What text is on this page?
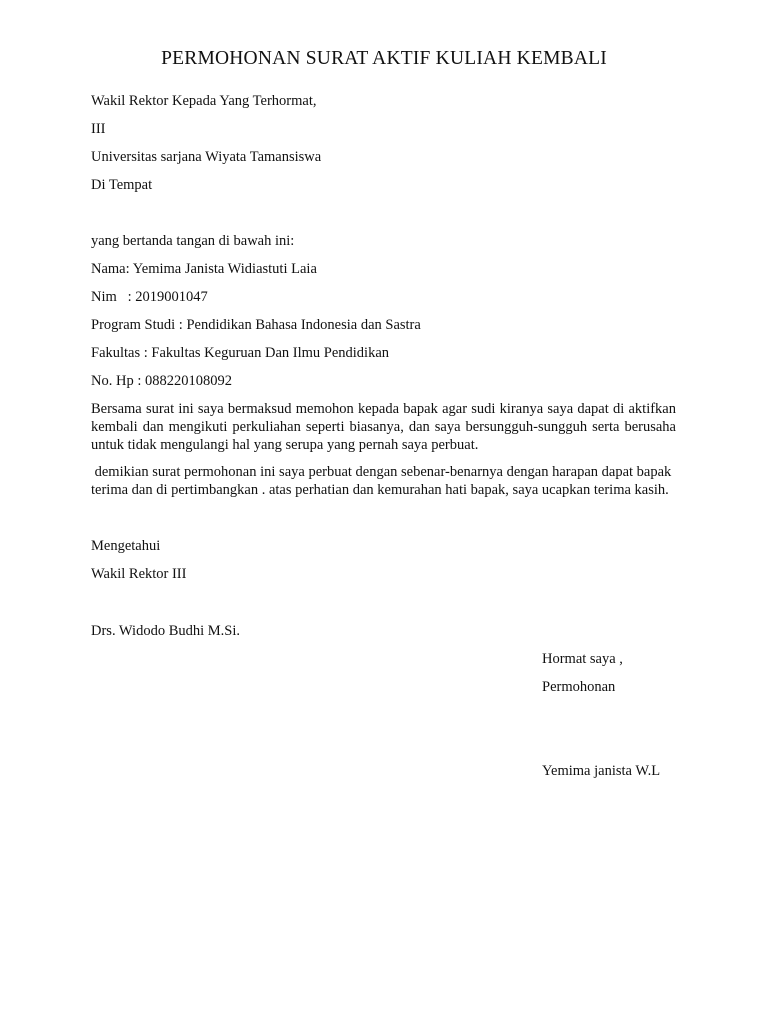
PERMOHONAN SURAT AKTIF KULIAH KEMBALI
Wakil Rektor Kepada Yang Terhormat,
III
Universitas sarjana Wiyata Tamansiswa
Di Tempat
yang bertanda tangan di bawah ini:
Nama: Yemima Janista Widiastuti Laia
Nim   : 2019001047
Program Studi : Pendidikan Bahasa Indonesia dan Sastra
Fakultas : Fakultas Keguruan Dan Ilmu Pendidikan
No. Hp : 088220108092
Bersama surat ini saya bermaksud memohon kepada bapak agar sudi kiranya saya dapat di aktifkan kembali dan mengikuti perkuliahan seperti biasanya, dan saya bersungguh-sungguh serta berusaha untuk tidak mengulangi hal yang serupa yang pernah saya perbuat.
demikian surat permohonan ini saya perbuat dengan sebenar-benarnya dengan harapan dapat bapak terima dan di pertimbangkan . atas perhatian dan kemurahan hati bapak, saya ucapkan terima kasih.
Mengetahui
Wakil Rektor III
Drs. Widodo Budhi M.Si.
Hormat saya ,
Permohonan
Yemima janista W.L
